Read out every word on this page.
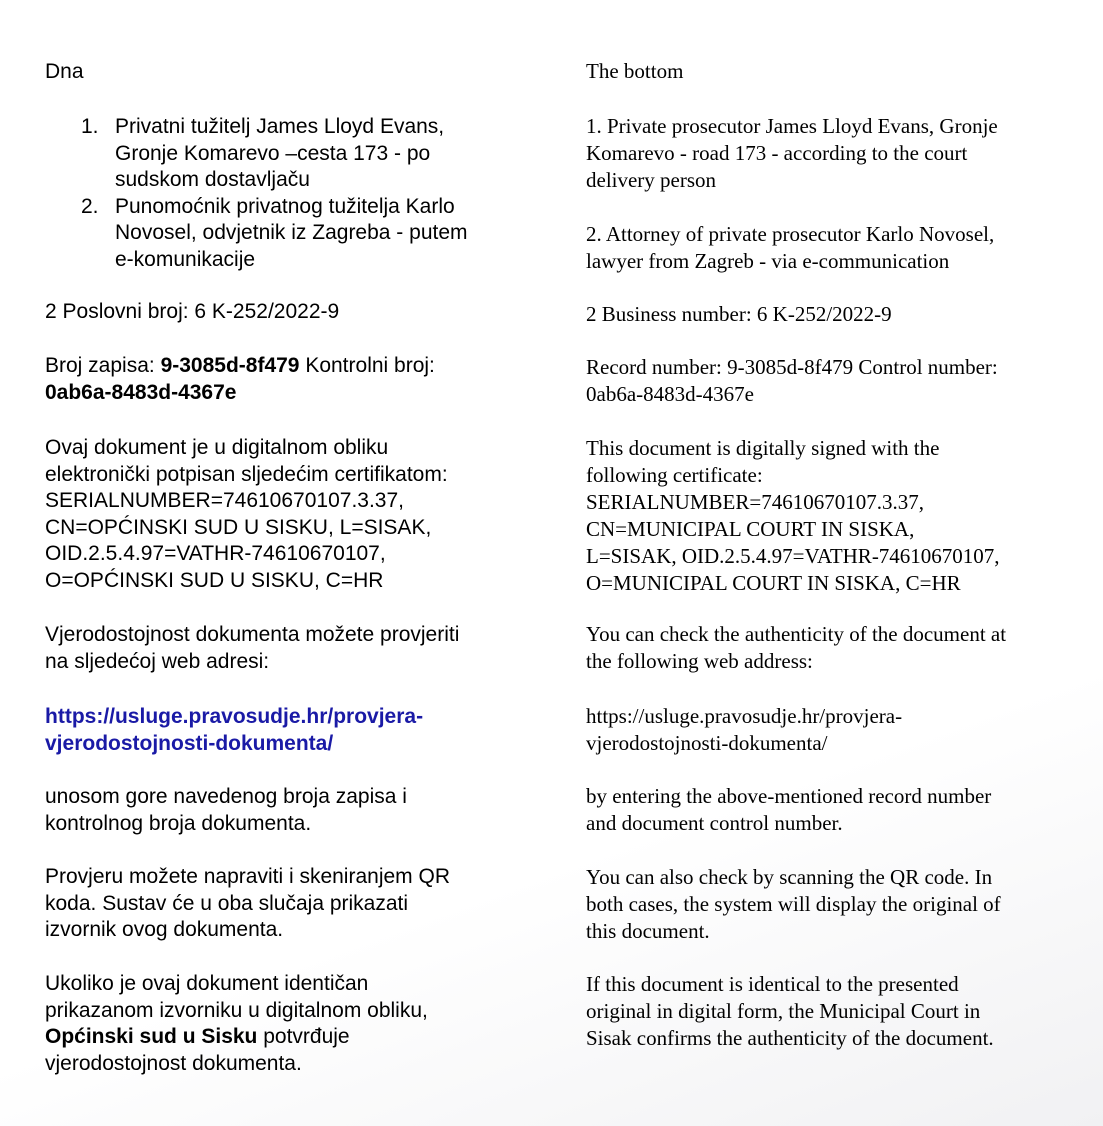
Dna

1. Privatni tužitelj James Lloyd Evans,
Gronje Komarevo –cesta 173 - po
sudskom dostavljaču
2. Punomoćnik privatnog tužitelja Karlo
Novosel, odvjetnik iz Zagreba - putem
e-komunikacije

2 Poslovni broj: 6 K-252/2022-9

Broj zapisa: 9-3085d-8f479 Kontrolni broj:
0ab6a-8483d-4367e

Ovaj dokument je u digitalnom obliku
elektronički potpisan sljedećim certifikatom:
SERIALNUMBER=74610670107.3.37,
CN=OPĆINSKI SUD U SISKU, L=SISAK,
OID.2.5.4.97=VATHR-74610670107,
O=OPĆINSKI SUD U SISKU, C=HR

Vjerodostojnost dokumenta možete provjeriti
na sljedećoj web adresi:

https://usluge.pravosudje.hr/provjera-
vjerodostojnosti-dokumenta/

unosom gore navedenog broja zapisa i
kontrolnog broja dokumenta.

Provjeru možete napraviti i skeniranjem QR
koda. Sustav će u oba slučaja prikazati
izvornik ovog dokumenta.

Ukoliko je ovaj dokument identičan
prikazanom izvorniku u digitalnom obliku,
Općinski sud u Sisku potvrđuje
vjerodostojnost dokumenta.

The bottom

1. Private prosecutor James Lloyd Evans, Gronje
Komarevo - road 173 - according to the court
delivery person

2. Attorney of private prosecutor Karlo Novosel,
lawyer from Zagreb - via e-communication

2 Business number: 6 K-252/2022-9

Record number: 9-3085d-8f479 Control number:
0ab6a-8483d-4367e

This document is digitally signed with the
following certificate:
SERIALNUMBER=74610670107.3.37,
CN=MUNICIPAL COURT IN SISKA,
L=SISAK, OID.2.5.4.97=VATHR-74610670107,
O=MUNICIPAL COURT IN SISKA, C=HR

You can check the authenticity of the document at
the following web address:

https://usluge.pravosudje.hr/provjera-
vjerodostojnosti-dokumenta/

by entering the above-mentioned record number
and document control number.

You can also check by scanning the QR code. In
both cases, the system will display the original of
this document.

If this document is identical to the presented
original in digital form, the Municipal Court in
Sisak confirms the authenticity of the document.
